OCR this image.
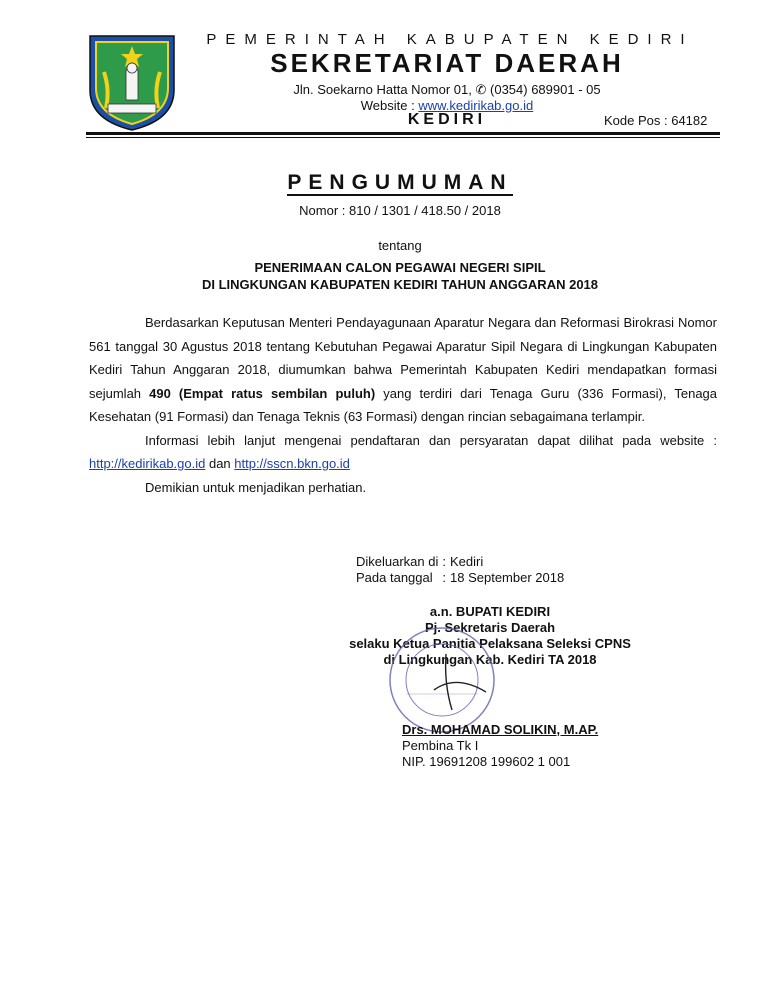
PEMERINTAH KABUPATEN KEDIRI
SEKRETARIAT DAERAH
Jln. Soekarno Hatta Nomor 01, ✆ (0354) 689901 - 05
Website : www.kedirikab.go.id
KEDIRI	Kode Pos : 64182
PENGUMUMAN
Nomor : 810 / 1301 / 418.50 / 2018
tentang
PENERIMAAN CALON PEGAWAI NEGERI SIPIL
DI LINGKUNGAN KABUPATEN KEDIRI TAHUN ANGGARAN 2018

Berdasarkan Keputusan Menteri Pendayagunaan Aparatur Negara dan Reformasi Birokrasi Nomor 561 tanggal 30 Agustus 2018 tentang Kebutuhan Pegawai Aparatur Sipil Negara di Lingkungan Kabupaten Kediri Tahun Anggaran 2018, diumumkan bahwa Pemerintah Kabupaten Kediri mendapatkan formasi sejumlah 490 (Empat ratus sembilan puluh) yang terdiri dari Tenaga Guru (336 Formasi), Tenaga Kesehatan (91 Formasi) dan Tenaga Teknis (63 Formasi) dengan rincian sebagaimana terlampir.

Informasi lebih lanjut mengenai pendaftaran dan persyaratan dapat dilihat pada website : http://kedirikab.go.id dan http://sscn.bkn.go.id

Demikian untuk menjadikan perhatian.

Dikeluarkan di	:	Kediri
Pada tanggal	:	18 September 2018
a.n. BUPATI KEDIRI
Pj. Sekretaris Daerah
selaku Ketua Panitia Pelaksana Seleksi CPNS
di Lingkungan Kab. Kediri TA 2018
Drs. MOHAMAD SOLIKIN, M.AP.
Pembina Tk I
NIP. 19691208 199602 1 001
